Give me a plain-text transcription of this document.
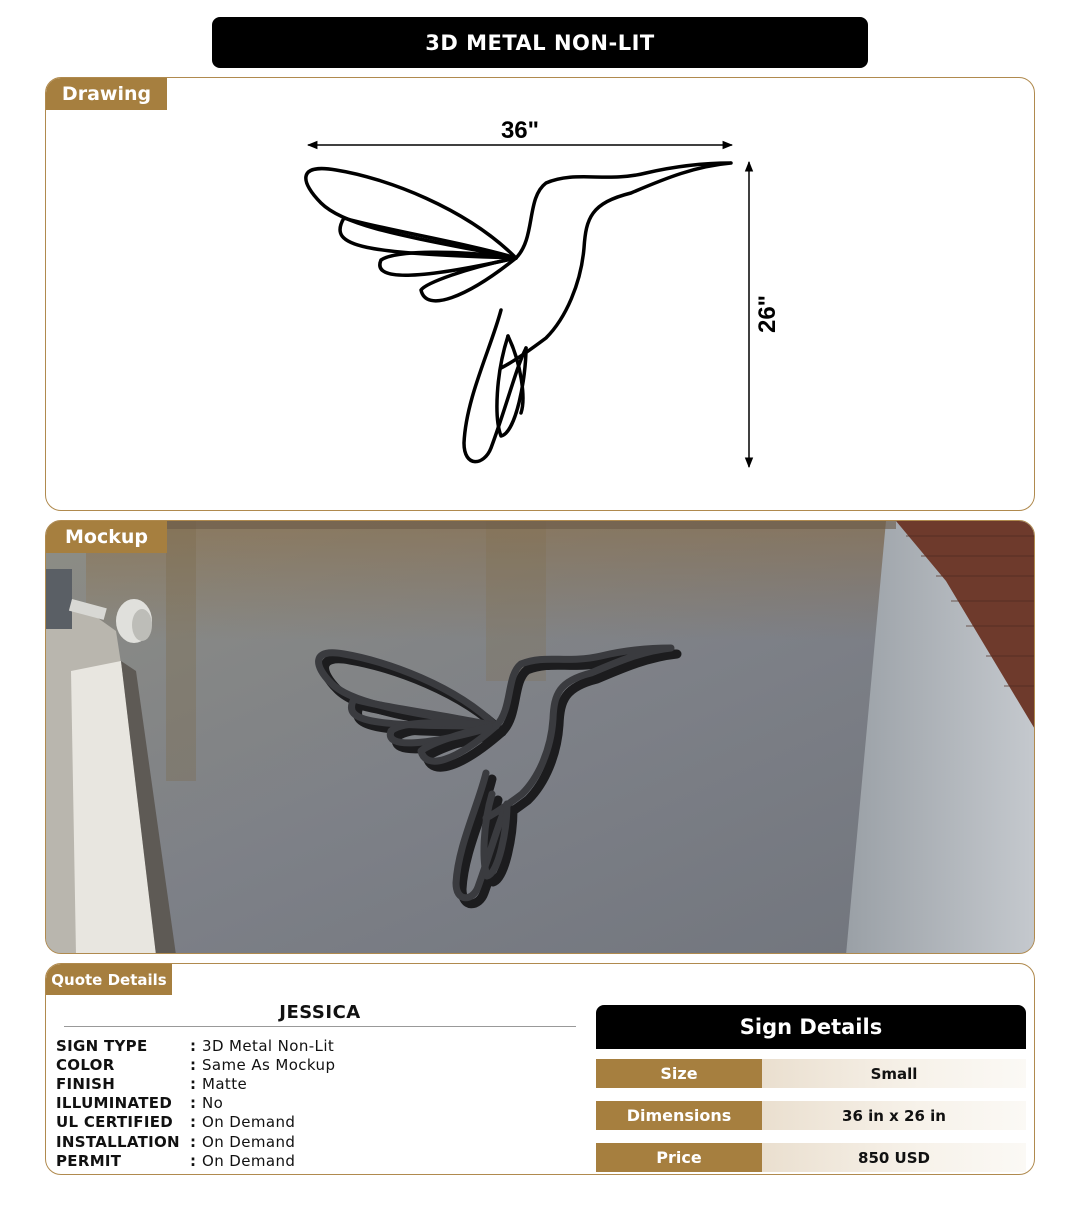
3D METAL NON-LIT
Drawing
36"
26"
Mockup
Quote Details
JESSICA
SIGN TYPE	: 3D Metal Non-Lit
COLOR	: Same As Mockup
FINISH	: Matte
ILLUMINATED	: No
UL CERTIFIED	: On Demand
INSTALLATION : On Demand
PERMIT	: On Demand
Sign Details
Size	Small
Dimensions	36 in x 26 in
Price	850 USD
